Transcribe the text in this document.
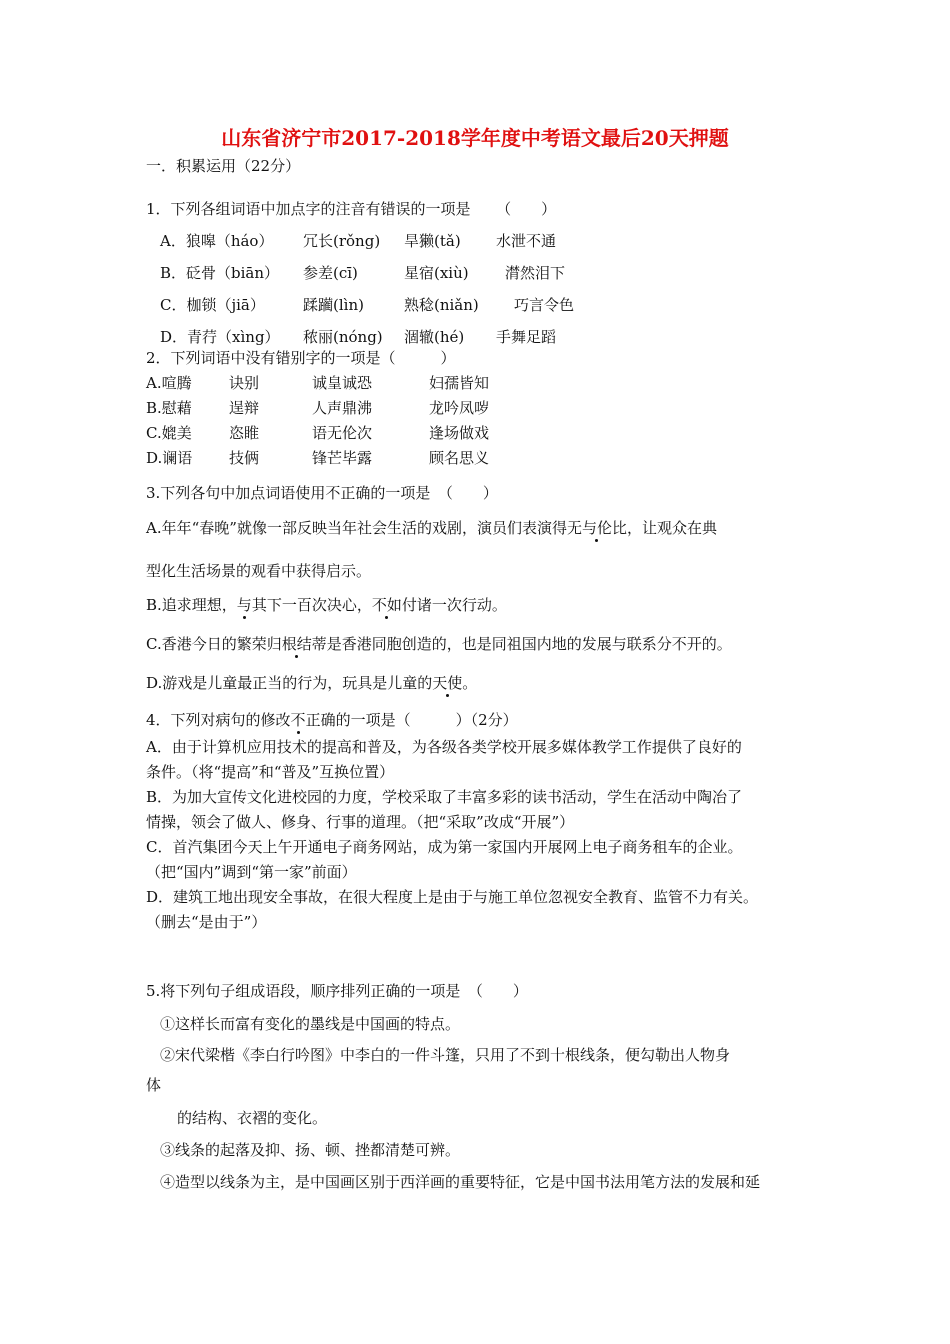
山东省济宁市2017-2018学年度中考语文最后20天押题
一．积累运用（22分）
1．下列各组词语中加点字的注音有错误的一项是 （　　）
A．狼嗥（háo） 冗长(rǒng) 旱獭(tǎ) 水泄不通
B．砭骨（biān） 参差(cī)	星宿(xiù) 潸然泪下
C．枷锁（jiā）	蹂躏(lìn)	熟稔(niǎn) 巧言令色
D．青荇（xìng） 秾丽(nóng) 涸辙(hé) 手舞足蹈
2．下列词语中没有错别字的一项是（　　　）
A.喧腾 诀别	诚皇诚恐	妇孺皆知
B.慰藉 逞辩	人声鼎沸	龙吟凤哕
C.媲美 恣睢	语无伦次	逢场做戏
D.谰语 技俩	锋芒毕露	顾名思义
3.下列各句中加点词语使用不正确的一项是　（　　）
A.年年“春晚”就像一部反映当年社会生活的戏剧，演员们表演得无与伦比，让观众在典
型化生活场景的观看中获得启示。
B.追求理想，与其下一百次决心，不如付诸一次行动。
C.香港今日的繁荣归根结蒂是香港同胞创造的，也是同祖国内地的发展与联系分不开的。
D.游戏是儿童最正当的行为，玩具是儿童的天使。
4．下列对病句的修改不正确的一项是（　　　）（2分）
A．由于计算机应用技术的提高和普及，为各级各类学校开展多媒体教学工作提供了良好的
条件。（将“提高”和“普及”互换位置）
B．为加大宣传文化进校园的力度，学校采取了丰富多彩的读书活动，学生在活动中陶冶了
情操，领会了做人、修身、行事的道理。（把“采取”改成“开展”）
C．首汽集团今天上午开通电子商务网站，成为第一家国内开展网上电子商务租车的企业。
（把“国内”调到“第一家”前面）
D．建筑工地出现安全事故，在很大程度上是由于与施工单位忽视安全教育、监管不力有关。
（删去“是由于”）
5.将下列句子组成语段，顺序排列正确的一项是　（　　）
①这样长而富有变化的墨线是中国画的特点。
②宋代梁楷《李白行吟图》中李白的一件斗篷，只用了不到十根线条，便勾勒出人物身
体
的结构、衣褶的变化。
③线条的起落及抑、扬、顿、挫都清楚可辨。
④造型以线条为主，是中国画区别于西洋画的重要特征，它是中国书法用笔方法的发展和延
